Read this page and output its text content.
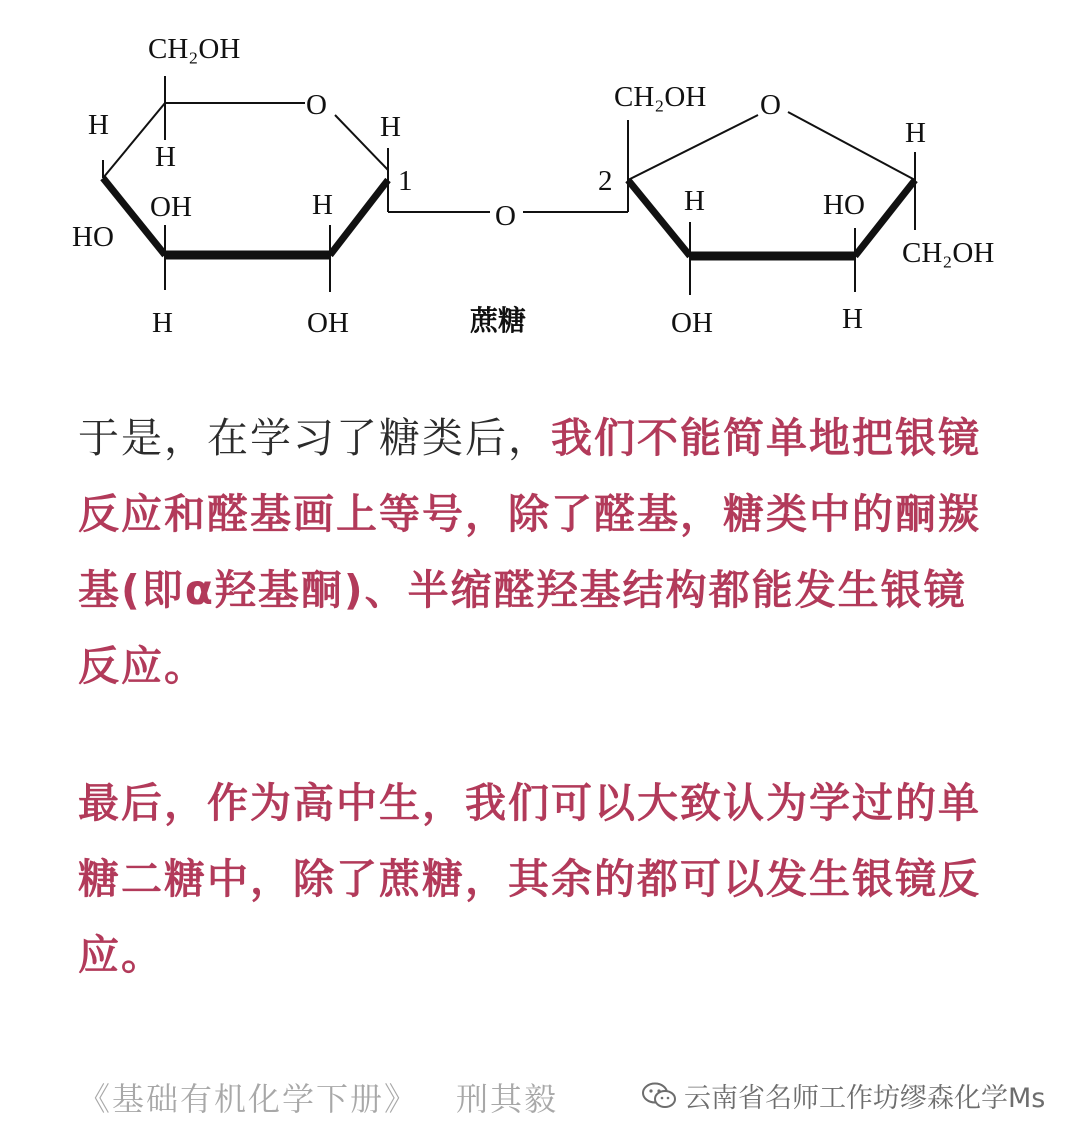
CH₂OH
O
H
H
H
1
HO
OH	H
H	OH
O
CH₂OH O
2
H
OH
HO
H
H
CH₂OH
蔗糖

于是，在学习了糖类后，我们不能简单地把银镜反应和醛基画上等号，除了醛基，糖类中的酮羰基(即α羟基酮)、半缩醛羟基结构都能发生银镜反应。

最后，作为高中生，我们可以大致认为学过的单糖二糖中，除了蔗糖，其余的都可以发生银镜反应。

《基础有机化学下册》 刑其毅	云南省名师工作坊缪森化学Ms
